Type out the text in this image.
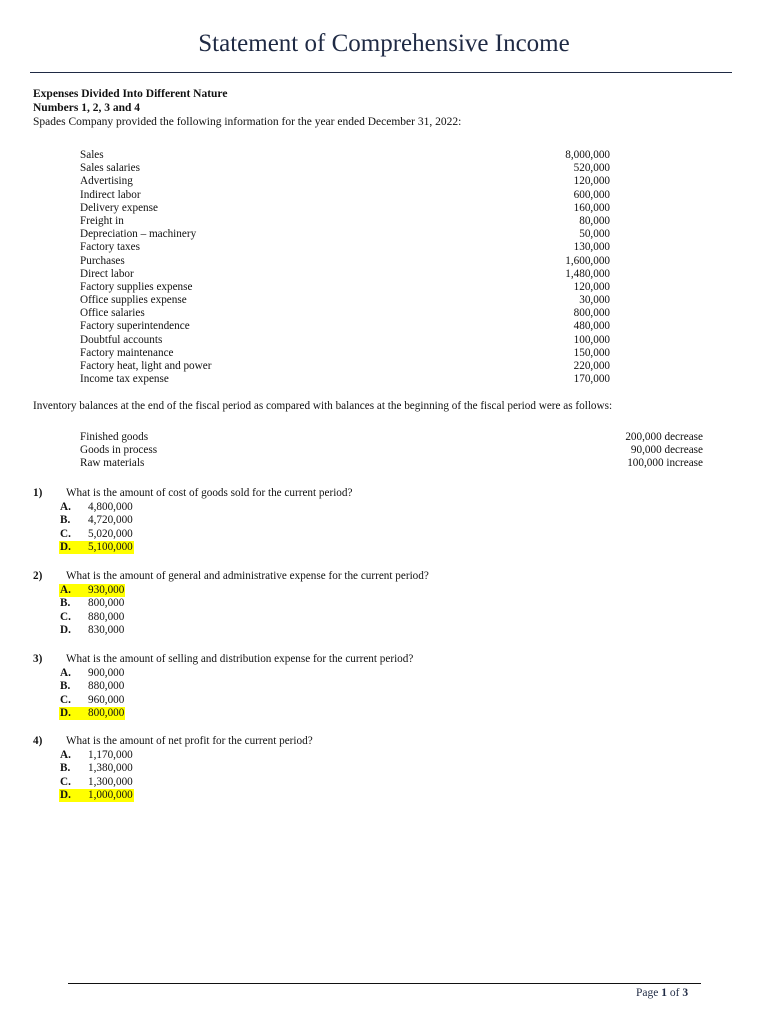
Statement of Comprehensive Income
Expenses Divided Into Different Nature
Numbers 1, 2, 3 and 4
Spades Company provided the following information for the year ended December 31, 2022:
Sales	8,000,000
Sales salaries	520,000
Advertising	120,000
Indirect labor	600,000
Delivery expense	160,000
Freight in	80,000
Depreciation – machinery	50,000
Factory taxes	130,000
Purchases	1,600,000
Direct labor	1,480,000
Factory supplies expense	120,000
Office supplies expense	30,000
Office salaries	800,000
Factory superintendence	480,000
Doubtful accounts	100,000
Factory maintenance	150,000
Factory heat, light and power	220,000
Income tax expense	170,000
Inventory balances at the end of the fiscal period as compared with balances at the beginning of the fiscal period were as follows:
Finished goods	200,000 decrease
Goods in process	90,000 decrease
Raw materials	100,000 increase
1) What is the amount of cost of goods sold for the current period?
A.	4,800,000
B.	4,720,000
C.	5,020,000
D.	5,100,000
2) What is the amount of general and administrative expense for the current period?
A.	930,000
B.	800,000
C.	880,000
D.	830,000
3) What is the amount of selling and distribution expense for the current period?
A.	900,000
B.	880,000
C.	960,000
D.	800,000
4) What is the amount of net profit for the current period?
A.	1,170,000
B.	1,380,000
C.	1,300,000
D.	1,000,000
Page 1 of 3
